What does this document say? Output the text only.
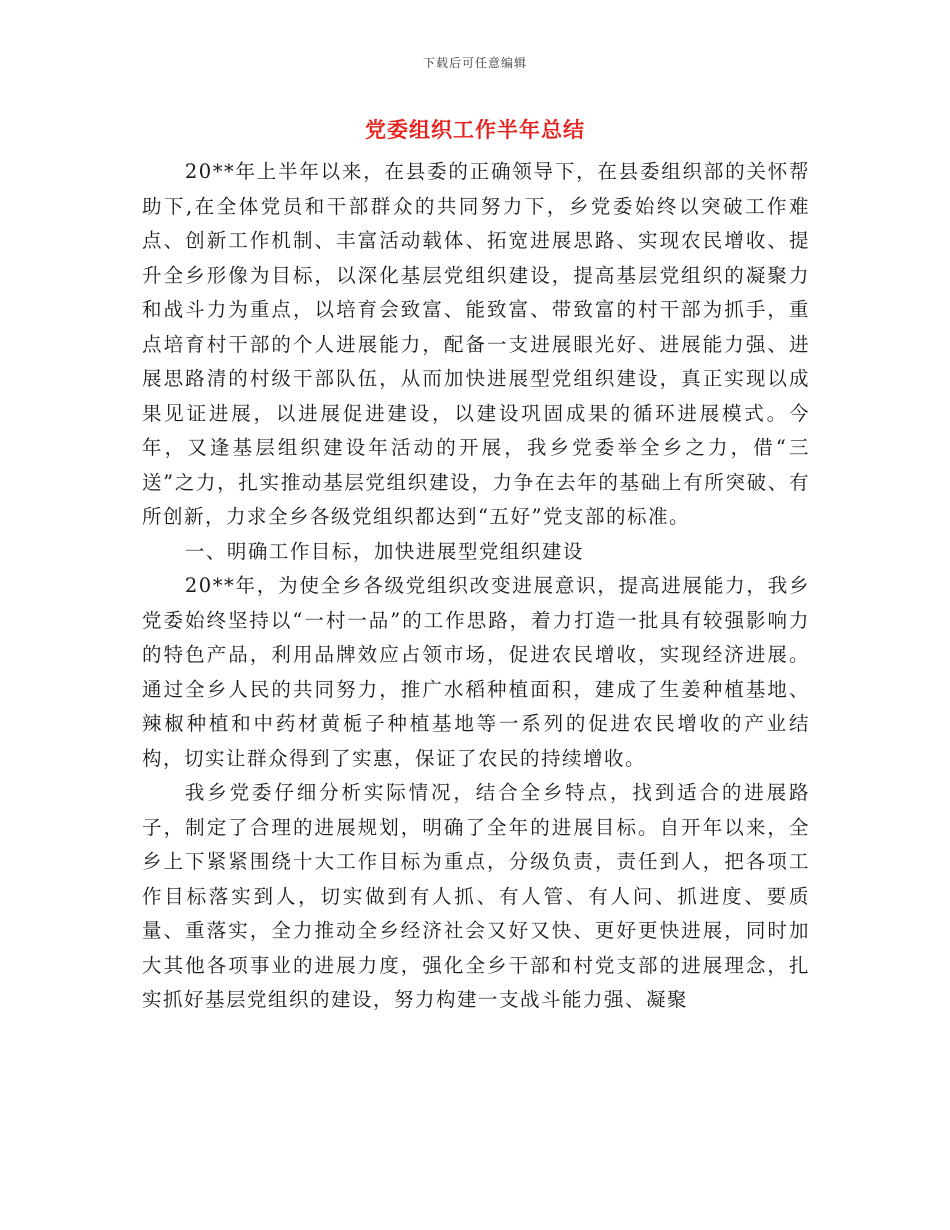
下载后可任意编辑
党委组织工作半年总结

20**年上半年以来，在县委的正确领导下，在县委组织部的关怀帮助下,在全体党员和干部群众的共同努力下，乡党委始终以突破工作难点、创新工作机制、丰富活动载体、拓宽进展思路、实现农民增收、提升全乡形像为目标，以深化基层党组织建设，提高基层党组织的凝聚力和战斗力为重点，以培育会致富、能致富、带致富的村干部为抓手，重点培育村干部的个人进展能力，配备一支进展眼光好、进展能力强、进展思路清的村级干部队伍，从而加快进展型党组织建设，真正实现以成果见证进展，以进展促进建设，以建设巩固成果的循环进展模式。今年，又逢基层组织建设年活动的开展，我乡党委举全乡之力，借“三送”之力，扎实推动基层党组织建设，力争在去年的基础上有所突破、有所创新，力求全乡各级党组织都达到“五好”党支部的标准。

一、明确工作目标，加快进展型党组织建设

20**年，为使全乡各级党组织改变进展意识，提高进展能力，我乡党委始终坚持以“一村一品”的工作思路，着力打造一批具有较强影响力的特色产品，利用品牌效应占领市场，促进农民增收，实现经济进展。通过全乡人民的共同努力，推广水稻种植面积，建成了生姜种植基地、辣椒种植和中药材黄栀子种植基地等一系列的促进农民增收的产业结构，切实让群众得到了实惠，保证了农民的持续增收。

我乡党委仔细分析实际情况，结合全乡特点，找到适合的进展路子，制定了合理的进展规划，明确了全年的进展目标。自开年以来，全乡上下紧紧围绕十大工作目标为重点，分级负责，责任到人，把各项工作目标落实到人，切实做到有人抓、有人管、有人问、抓进度、要质量、重落实，全力推动全乡经济社会又好又快、更好更快进展，同时加大其他各项事业的进展力度，强化全乡干部和村党支部的进展理念，扎实抓好基层党组织的建设，努力构建一支战斗能力强、凝聚
